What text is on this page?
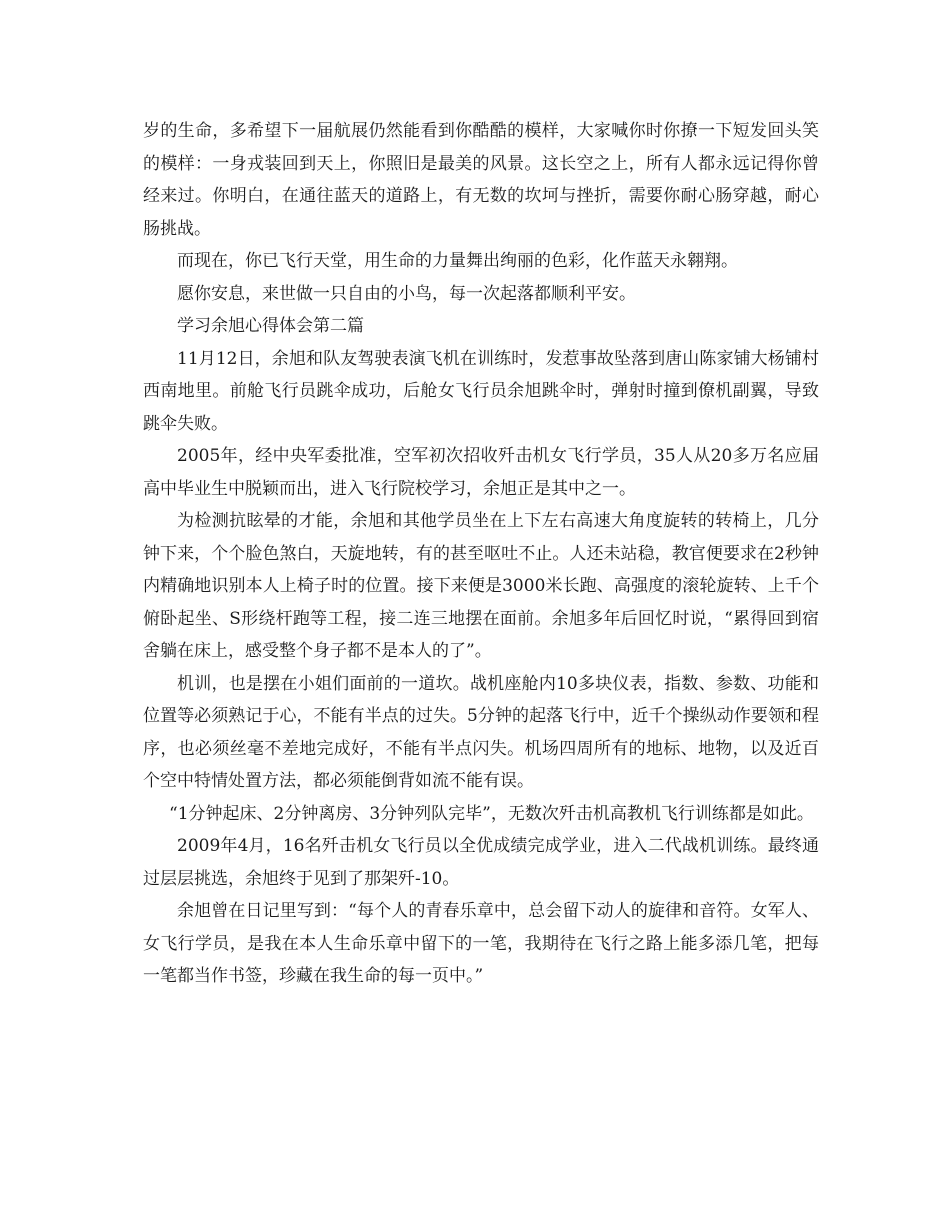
岁的生命，多希望下一届航展仍然能看到你酷酷的模样，大家喊你时你撩一下短发回头笑的模样：一身戎装回到天上，你照旧是最美的风景。这长空之上，所有人都永远记得你曾经来过。你明白，在通往蓝天的道路上，有无数的坎坷与挫折，需要你耐心肠穿越，耐心肠挑战。

而现在，你已飞行天堂，用生命的力量舞出绚丽的色彩，化作蓝天永翱翔。

愿你安息，来世做一只自由的小鸟，每一次起落都顺利平安。

学习余旭心得体会第二篇

11月12日，余旭和队友驾驶表演飞机在训练时，发惹事故坠落到唐山陈家铺大杨铺村西南地里。前舱飞行员跳伞成功，后舱女飞行员余旭跳伞时，弹射时撞到僚机副翼，导致跳伞失败。

2005年，经中央军委批准，空军初次招收歼击机女飞行学员，35人从20多万名应届高中毕业生中脱颖而出，进入飞行院校学习，余旭正是其中之一。

为检测抗眩晕的才能，余旭和其他学员坐在上下左右高速大角度旋转的转椅上，几分钟下来，个个脸色煞白，天旋地转，有的甚至呕吐不止。人还未站稳，教官便要求在2秒钟内精确地识别本人上椅子时的位置。接下来便是3000米长跑、高强度的滚轮旋转、上千个俯卧起坐、S形绕杆跑等工程，接二连三地摆在面前。余旭多年后回忆时说，“累得回到宿舍躺在床上，感受整个身子都不是本人的了”。

机训，也是摆在小姐们面前的一道坎。战机座舱内10多块仪表，指数、参数、功能和位置等必须熟记于心，不能有半点的过失。5分钟的起落飞行中，近千个操纵动作要领和程序，也必须丝毫不差地完成好，不能有半点闪失。机场四周所有的地标、地物，以及近百个空中特情处置方法，都必须能倒背如流不能有误。

“1分钟起床、2分钟离房、3分钟列队完毕”，无数次歼击机高教机飞行训练都是如此。

2009年4月，16名歼击机女飞行员以全优成绩完成学业，进入二代战机训练。最终通过层层挑选，余旭终于见到了那架歼-10。

余旭曾在日记里写到：“每个人的青春乐章中，总会留下动人的旋律和音符。女军人、女飞行学员，是我在本人生命乐章中留下的一笔，我期待在飞行之路上能多添几笔，把每一笔都当作书签，珍藏在我生命的每一页中。”
